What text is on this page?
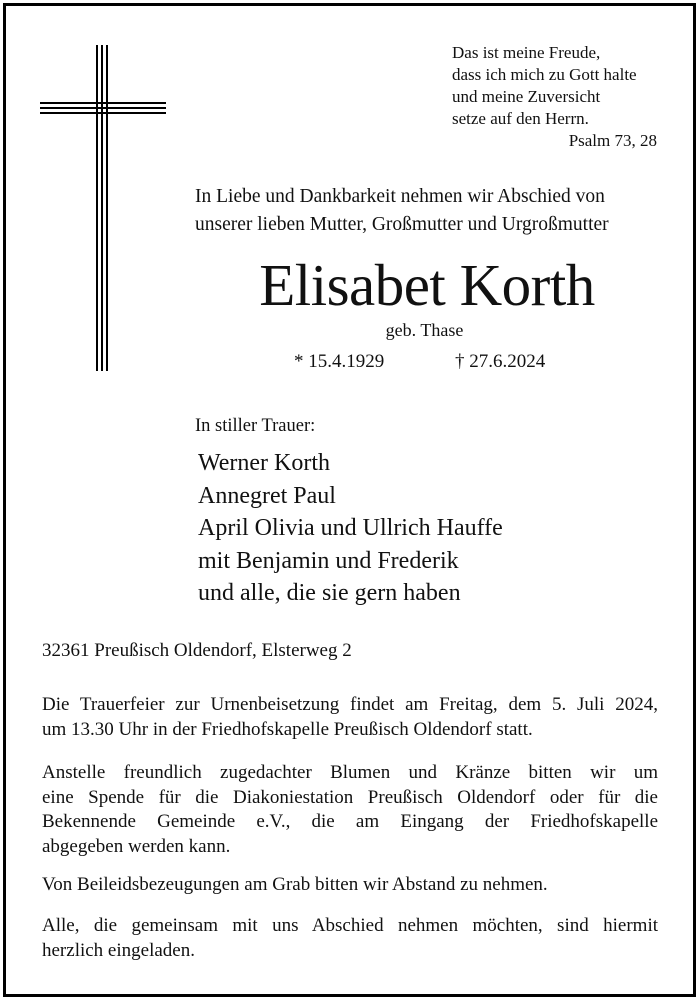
Das ist meine Freude,
dass ich mich zu Gott halte
und meine Zuversicht
setze auf den Herrn.
Psalm 73, 28
In Liebe und Dankbarkeit nehmen wir Abschied von
unserer lieben Mutter, Großmutter und Urgroßmutter
Elisabet Korth
geb. Thase
* 15.4.1929	† 27.6.2024
In stiller Trauer:
Werner Korth
Annegret Paul
April Olivia und Ullrich Hauffe
mit Benjamin und Frederik
und alle, die sie gern haben
32361 Preußisch Oldendorf, Elsterweg 2
Die Trauerfeier zur Urnenbeisetzung findet am Freitag, dem 5. Juli 2024,
um 13.30 Uhr in der Friedhofskapelle Preußisch Oldendorf statt.
Anstelle freundlich zugedachter Blumen und Kränze bitten wir um
eine Spende für die Diakoniestation Preußisch Oldendorf oder für die
Bekennende Gemeinde e.V., die am Eingang der Friedhofskapelle
abgegeben werden kann.
Von Beileidsbezeugungen am Grab bitten wir Abstand zu nehmen.
Alle, die gemeinsam mit uns Abschied nehmen möchten, sind hiermit
herzlich eingeladen.
